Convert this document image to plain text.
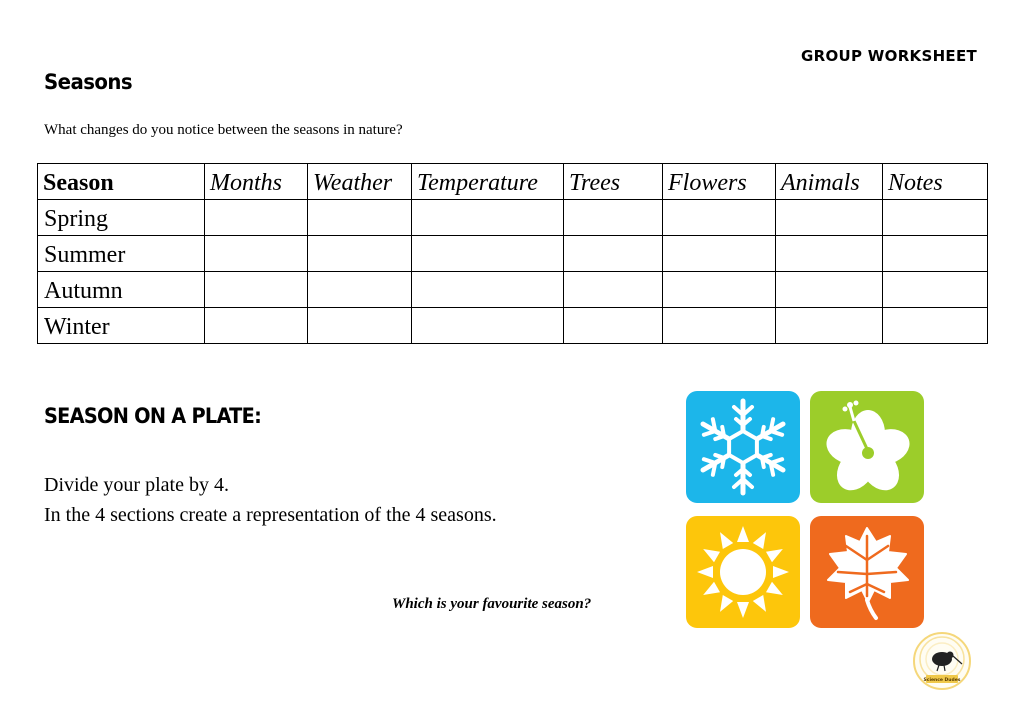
GROUP WORKSHEET
Seasons
What changes do you notice between the seasons in nature?
Season	Months	Weather	Temperature	Trees	Flowers	Animals	Notes
Spring							
Summer							
Autumn							
Winter							
SEASON ON A PLATE:
Divide your plate by 4.
In the 4 sections create a representation of the 4 seasons.
Which is your favourite season?
Science Dudes
